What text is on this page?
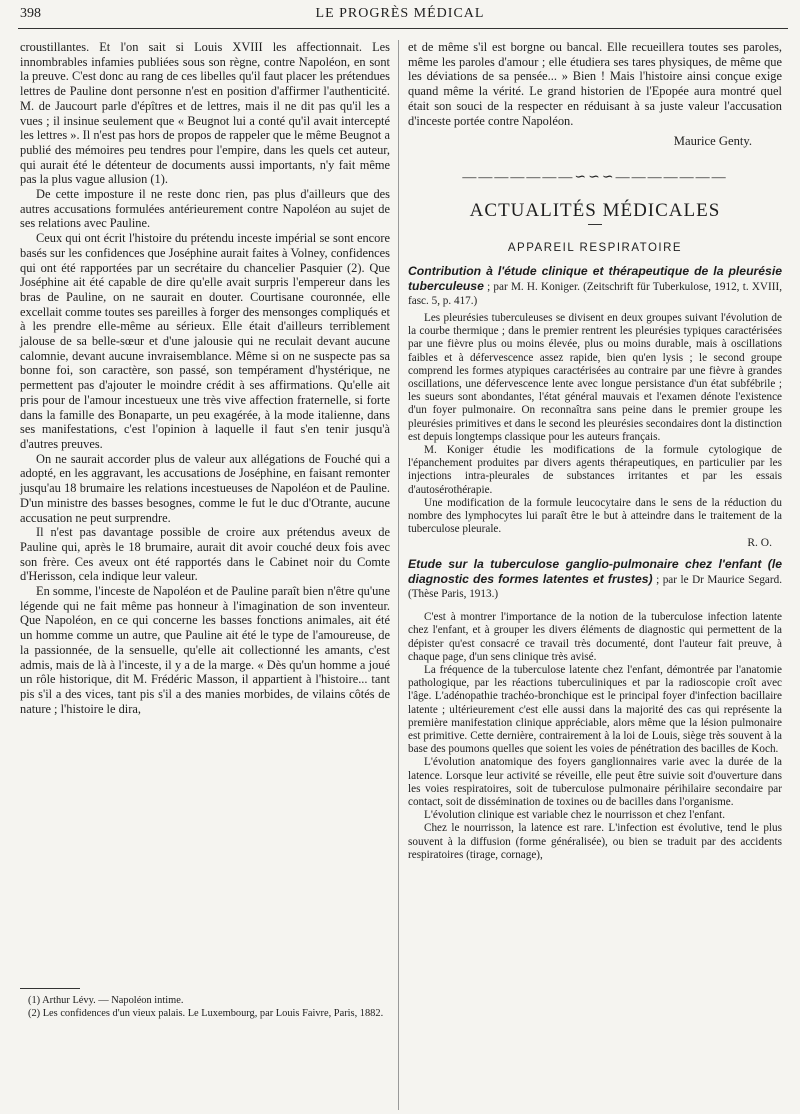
398	LE PROGRÈS MÉDICAL

croustillantes. Et l'on sait si Louis XVIII les affectionnait. Les innombrables infamies publiées sous son règne, contre Napoléon, en sont la preuve. C'est donc au rang de ces libelles qu'il faut placer les prétendues lettres de Pauline dont personne n'est en position d'affirmer l'authenticité. M. de Jaucourt parle d'épîtres et de lettres, mais il ne dit pas qu'il les a vues ; il insinue seulement que « Beugnot lui a conté qu'il avait intercepté les lettres ». Il n'est pas hors de propos de rappeler que le même Beugnot a publié des mémoires peu tendres pour l'empire, dans les quels cet auteur, qui aurait été le détenteur de documents aussi importants, n'y fait même pas la plus vague allusion (1).

De cette imposture il ne reste donc rien, pas plus d'ailleurs que des autres accusations formulées antérieurement contre Napoléon au sujet de ses relations avec Pauline.

Ceux qui ont écrit l'histoire du prétendu inceste impérial se sont encore basés sur les confidences que Joséphine aurait faites à Volney, confidences qui ont été rapportées par un secrétaire du chancelier Pasquier (2). Que Joséphine ait été capable de dire qu'elle avait surpris l'empereur dans les bras de Pauline, on ne saurait en douter. Courtisane couronnée, elle excellait comme toutes ses pareilles à forger des mensonges compliqués et à les prendre elle-même au sérieux. Elle était d'ailleurs terriblement jalouse de sa belle-sœur et d'une jalousie qui ne reculait devant aucune calomnie, devant aucune invraisemblance. Même si on ne suspecte pas sa bonne foi, son caractère, son passé, son tempérament d'hystérique, ne permettent pas d'ajouter le moindre crédit à ses affirmations. Qu'elle ait pris pour de l'amour incestueux une très vive affection fraternelle, si forte dans la famille des Bonaparte, un peu exagérée, à la mode italienne, dans ses manifestations, c'est l'opinion à laquelle il faut s'en tenir jusqu'à d'autres preuves.

On ne saurait accorder plus de valeur aux allégations de Fouché qui a adopté, en les aggravant, les accusations de Joséphine, en faisant remonter jusqu'au 18 brumaire les relations incestueuses de Napoléon et de Pauline. D'un ministre des basses besognes, comme le fut le duc d'Otrante, aucune accusation ne peut surprendre.

Il n'est pas davantage possible de croire aux prétendus aveux de Pauline qui, après le 18 brumaire, aurait dit avoir couché deux fois avec son frère. Ces aveux ont été rapportés dans le Cabinet noir du Comte d'Herisson, cela indique leur valeur.

En somme, l'inceste de Napoléon et de Pauline paraît bien n'être qu'une légende qui ne fait même pas honneur à l'imagination de son inventeur. Que Napoléon, en ce qui concerne les basses fonctions animales, ait été un homme comme un autre, que Pauline ait été le type de l'amoureuse, de la passionnée, de la sensuelle, qu'elle ait collectionné les amants, c'est admis, mais de là à l'inceste, il y a de la marge. « Dès qu'un homme a joué un rôle historique, dit M. Frédéric Masson, il appartient à l'histoire... tant pis s'il a des vices, tant pis s'il a des manies morbides, de vilains côtés de nature ; l'histoire le dira,

(1) Arthur Lévy. — Napoléon intime.

(2) Les confidences d'un vieux palais. Le Luxembourg, par Louis Faivre, Paris, 1882.

et de même s'il est borgne ou bancal. Elle recueillera toutes ses paroles, même les paroles d'amour ; elle étudiera ses tares physiques, de même que les déviations de sa pensée... » Bien ! Mais l'histoire ainsi conçue exige quand même la vérité. Le grand historien de l'Epopée aura montré quel était son souci de la respecter en réduisant à sa juste valeur l'accusation d'inceste portée contre Napoléon.

Maurice Genty.
———————∽∽∽———————
ACTUALITÉS MÉDICALES
APPAREIL RESPIRATOIRE

Contribution à l'étude clinique et thérapeutique de la pleurésie tuberculeuse ; par M. H. Koniger. (Zeitschrift für Tuberkulose, 1912, t. XVIII, fasc. 5, p. 417.)

Les pleurésies tuberculeuses se divisent en deux groupes suivant l'évolution de la courbe thermique ; dans le premier rentrent les pleurésies typiques caractérisées par une fièvre plus ou moins élevée, plus ou moins durable, mais à oscillations faibles et à défervescence assez rapide, bien qu'en lysis ; le second groupe comprend les formes atypiques caractérisées au contraire par une fièvre à grandes oscillations, une défervescence lente avec longue persistance d'un état subfébrile ; les sueurs sont abondantes, l'état général mauvais et l'examen dénote l'existence d'un foyer pulmonaire. On reconnaîtra sans peine dans le premier groupe les pleurésies primitives et dans le second les pleurésies secondaires dont la distinction est depuis longtemps classique pour les auteurs français.

M. Koniger étudie les modifications de la formule cytologique de l'épanchement produites par divers agents thérapeutiques, en particulier par les injections intra-pleurales de substances irritantes et par les essais d'autosérothérapie.

Une modification de la formule leucocytaire dans le sens de la réduction du nombre des lymphocytes lui paraît être le but à atteindre dans le traitement de la tuberculose pleurale.

R. O.

Etude sur la tuberculose ganglio-pulmonaire chez l'enfant (le diagnostic des formes latentes et frustes) ; par le Dr Maurice Segard. (Thèse Paris, 1913.)

C'est à montrer l'importance de la notion de la tuberculose infection latente chez l'enfant, et à grouper les divers éléments de diagnostic qui permettent de la dépister qu'est consacré ce travail très documenté, dont l'auteur fait preuve, à chaque page, d'un sens clinique très avisé.

La fréquence de la tuberculose latente chez l'enfant, démontrée par l'anatomie pathologique, par les réactions tuberculiniques et par la radioscopie croît avec l'âge. L'adénopathie trachéo-bronchique est le principal foyer d'infection bacillaire latente ; ultérieurement c'est elle aussi dans la majorité des cas qui représente la première manifestation clinique appréciable, alors même que la lésion pulmonaire est primitive. Cette dernière, contrairement à la loi de Louis, siège très souvent à la base des poumons quelles que soient les voies de pénétration des bacilles de Koch.

L'évolution anatomique des foyers ganglionnaires varie avec la durée de la latence. Lorsque leur activité se réveille, elle peut être suivie soit d'ouverture dans les voies respiratoires, soit de tuberculose pulmonaire périhilaire secondaire par contact, soit de dissémination de toxines ou de bacilles dans l'organisme.

L'évolution clinique est variable chez le nourrisson et chez l'enfant.

Chez le nourrisson, la latence est rare. L'infection est évolutive, tend le plus souvent à la diffusion (forme généralisée), ou bien se traduit par des accidents respiratoires (tirage, cornage),
